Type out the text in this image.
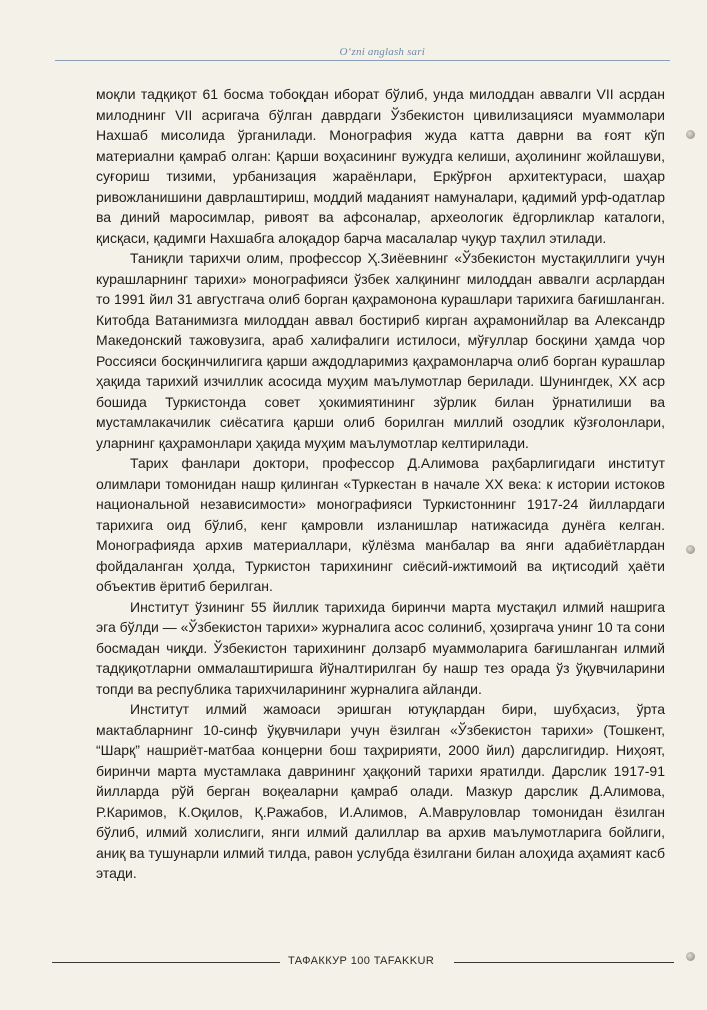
O‘zni anglash sari

моқли тадқиқот 61 босма тобоқдан иборат бўлиб, унда милоддан аввалги VII асрдан милоднинг VII асригача бўлган даврдаги Ўзбекистон цивилизацияси муаммолари Нахшаб мисолида ўрганилади. Монография жуда катта даврни ва ғоят кўп материални қамраб олган: Қарши воҳасининг вужудга келиши, аҳолининг жойлашуви, суғориш тизими, урбанизация жараёнлари, Еркўрғон архитектураси, шаҳар ривожланишини даврлаштириш, моддий маданият намуналари, қадимий урф-одатлар ва диний маросимлар, ривоят ва афсоналар, археологик ёдгорликлар каталоги, қисқаси, қадимги Нахшабга алоқадор барча масалалар чуқур таҳлил этилади.

Таниқли тарихчи олим, профессор Ҳ.Зиёевнинг «Ўзбекистон мустақиллиги учун курашларнинг тарихи» монографияси ўзбек халқининг милоддан аввалги асрлардан то 1991 йил 31 августгача олиб борган қаҳрамонона курашлари тарихига бағишланган. Китобда Ватанимизга милоддан аввал бостириб кирган аҳрамонийлар ва Александр Македонский тажовузига, араб халифалиги истилоси, мўғуллар босқини ҳамда чор Россияси босқинчилигига қарши аждодларимиз қаҳрамонларча олиб борган курашлар ҳақида тарихий изчиллик асосида муҳим маълумотлар берилади. Шунингдек, XX аср бошида Туркистонда совет ҳокимиятининг зўрлик билан ўрнатилиши ва мустамлакачилик сиёсатига қарши олиб борилган миллий озодлик кўзғолонлари, уларнинг қаҳрамонлари ҳақида муҳим маълумотлар келтирилади.

Тарих фанлари доктори, профессор Д.Алимова раҳбарлигидаги институт олимлари томонидан нашр қилинган «Туркестан в начале XX века: к истории истоков национальной независимости» монографияси Туркистоннинг 1917-24 йиллардаги тарихига оид бўлиб, кенг қамровли изланишлар натижасида дунёга келган. Монографияда архив материаллари, кўлёзма манбалар ва янги адабиётлардан фойдаланган ҳолда, Туркистон тарихининг сиёсий-ижтимоий ва иқтисодий ҳаёти объектив ёритиб берилган.

Институт ўзининг 55 йиллик тарихида биринчи марта мустақил илмий нашрига эга бўлди — «Ўзбекистон тарихи» журналига асос солиниб, ҳозиргача унинг 10 та сони босмадан чиқди. Ўзбекистон тарихининг долзарб муаммоларига бағишланган илмий тадқиқотларни оммалаштиришга йўналтирилган бу нашр тез орада ўз ўқувчиларини топди ва республика тарихчиларининг журналига айланди.

Институт илмий жамоаси эришган ютуқлардан бири, шубҳасиз, ўрта мактабларнинг 10-синф ўқувчилари учун ёзилган «Ўзбекистон тарихи» (Тошкент, “Шарқ” нашриёт-матбаа концерни бош таҳририяти, 2000 йил) дарслигидир. Ниҳоят, биринчи марта мустамлака даврининг ҳаққоний тарихи яратилди. Дарслик 1917-91 йилларда рўй берган воқеаларни қамраб олади. Мазкур дарслик Д.Алимова, Р.Каримов, К.Оқилов, Қ.Ражабов, И.Алимов, А.Мавруловлар томонидан ёзилган бўлиб, илмий холислиги, янги илмий далиллар ва архив маълумотларига бойлиги, аниқ ва тушунарли илмий тилда, равон услубда ёзилгани билан алоҳида аҳамият касб этади.

ТАФАККУР 100 TAFAKKUR
